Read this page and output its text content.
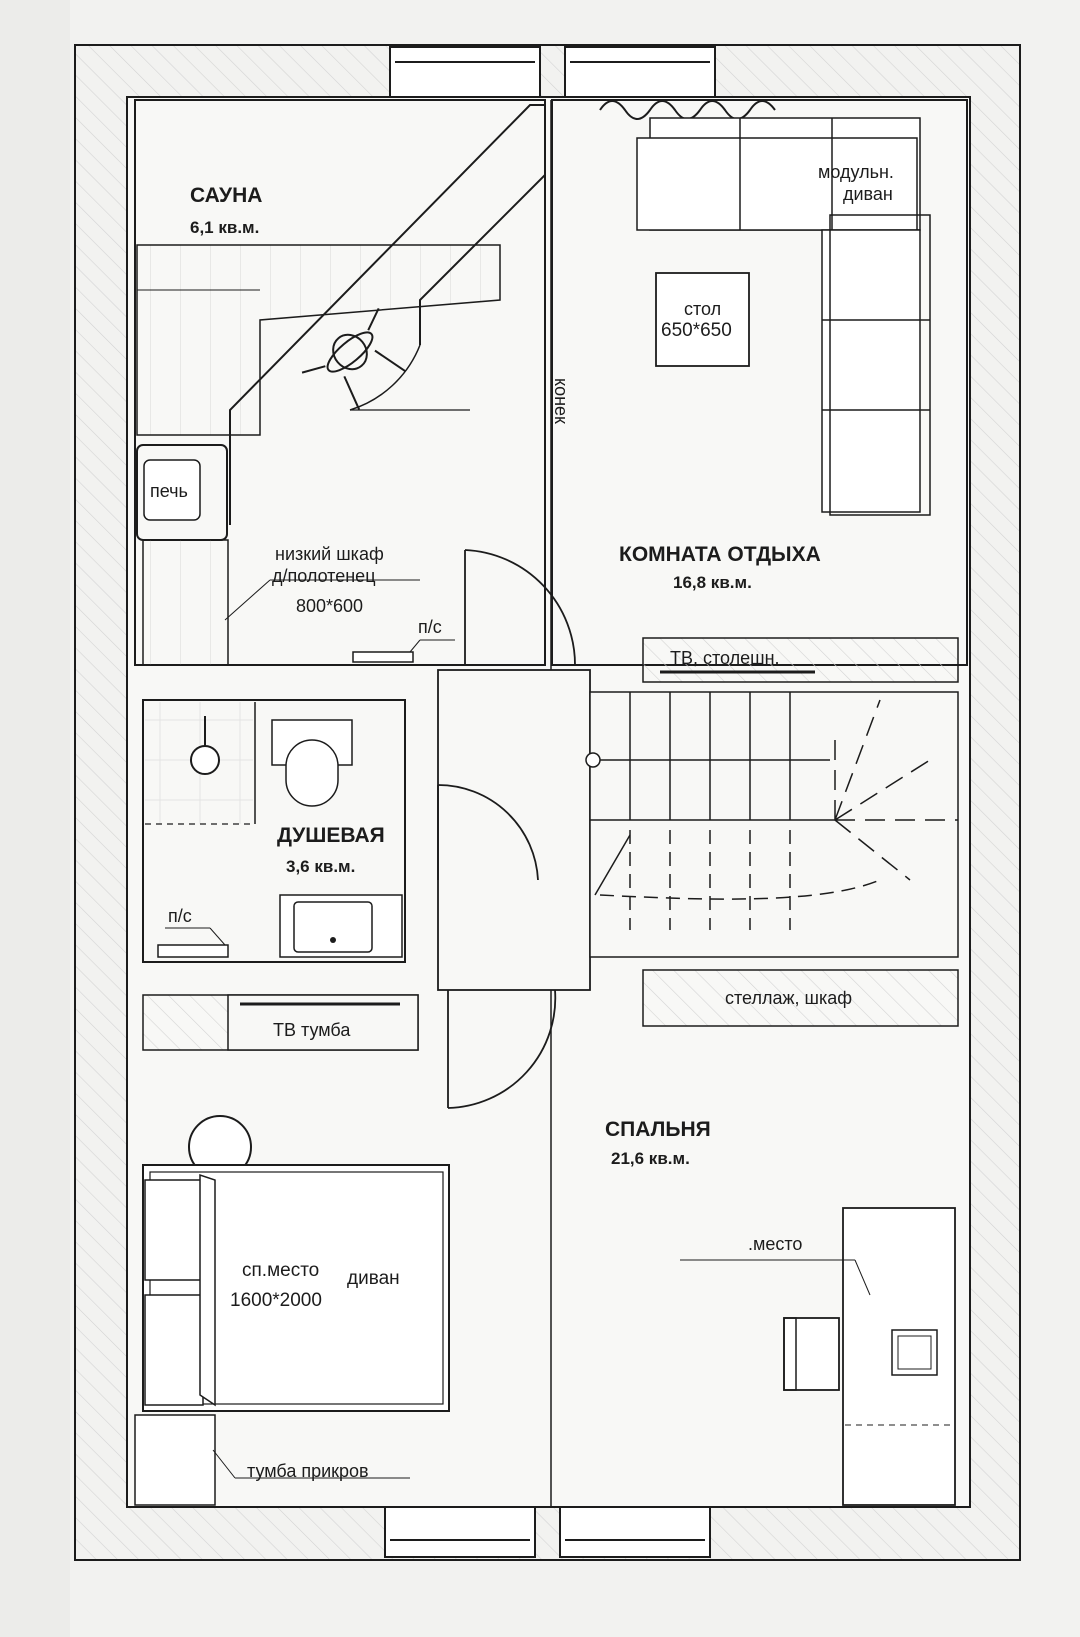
печь
низкий шкаф
д/полотенец
800*600
п/с
модульн.
диван
стол
650*650
конек
КОМНАТА ОТДЫХА
16,8 кв.м.
САУНА
6,1 кв.м.
ТВ, столешн.
п/с
ДУШЕВАЯ
3,6 кв.м.
стеллаж, шкаф
ТВ тумба
сп.место
1600*2000
диван
.место
тумба прикров
СПАЛЬНЯ
21,6 кв.м.
